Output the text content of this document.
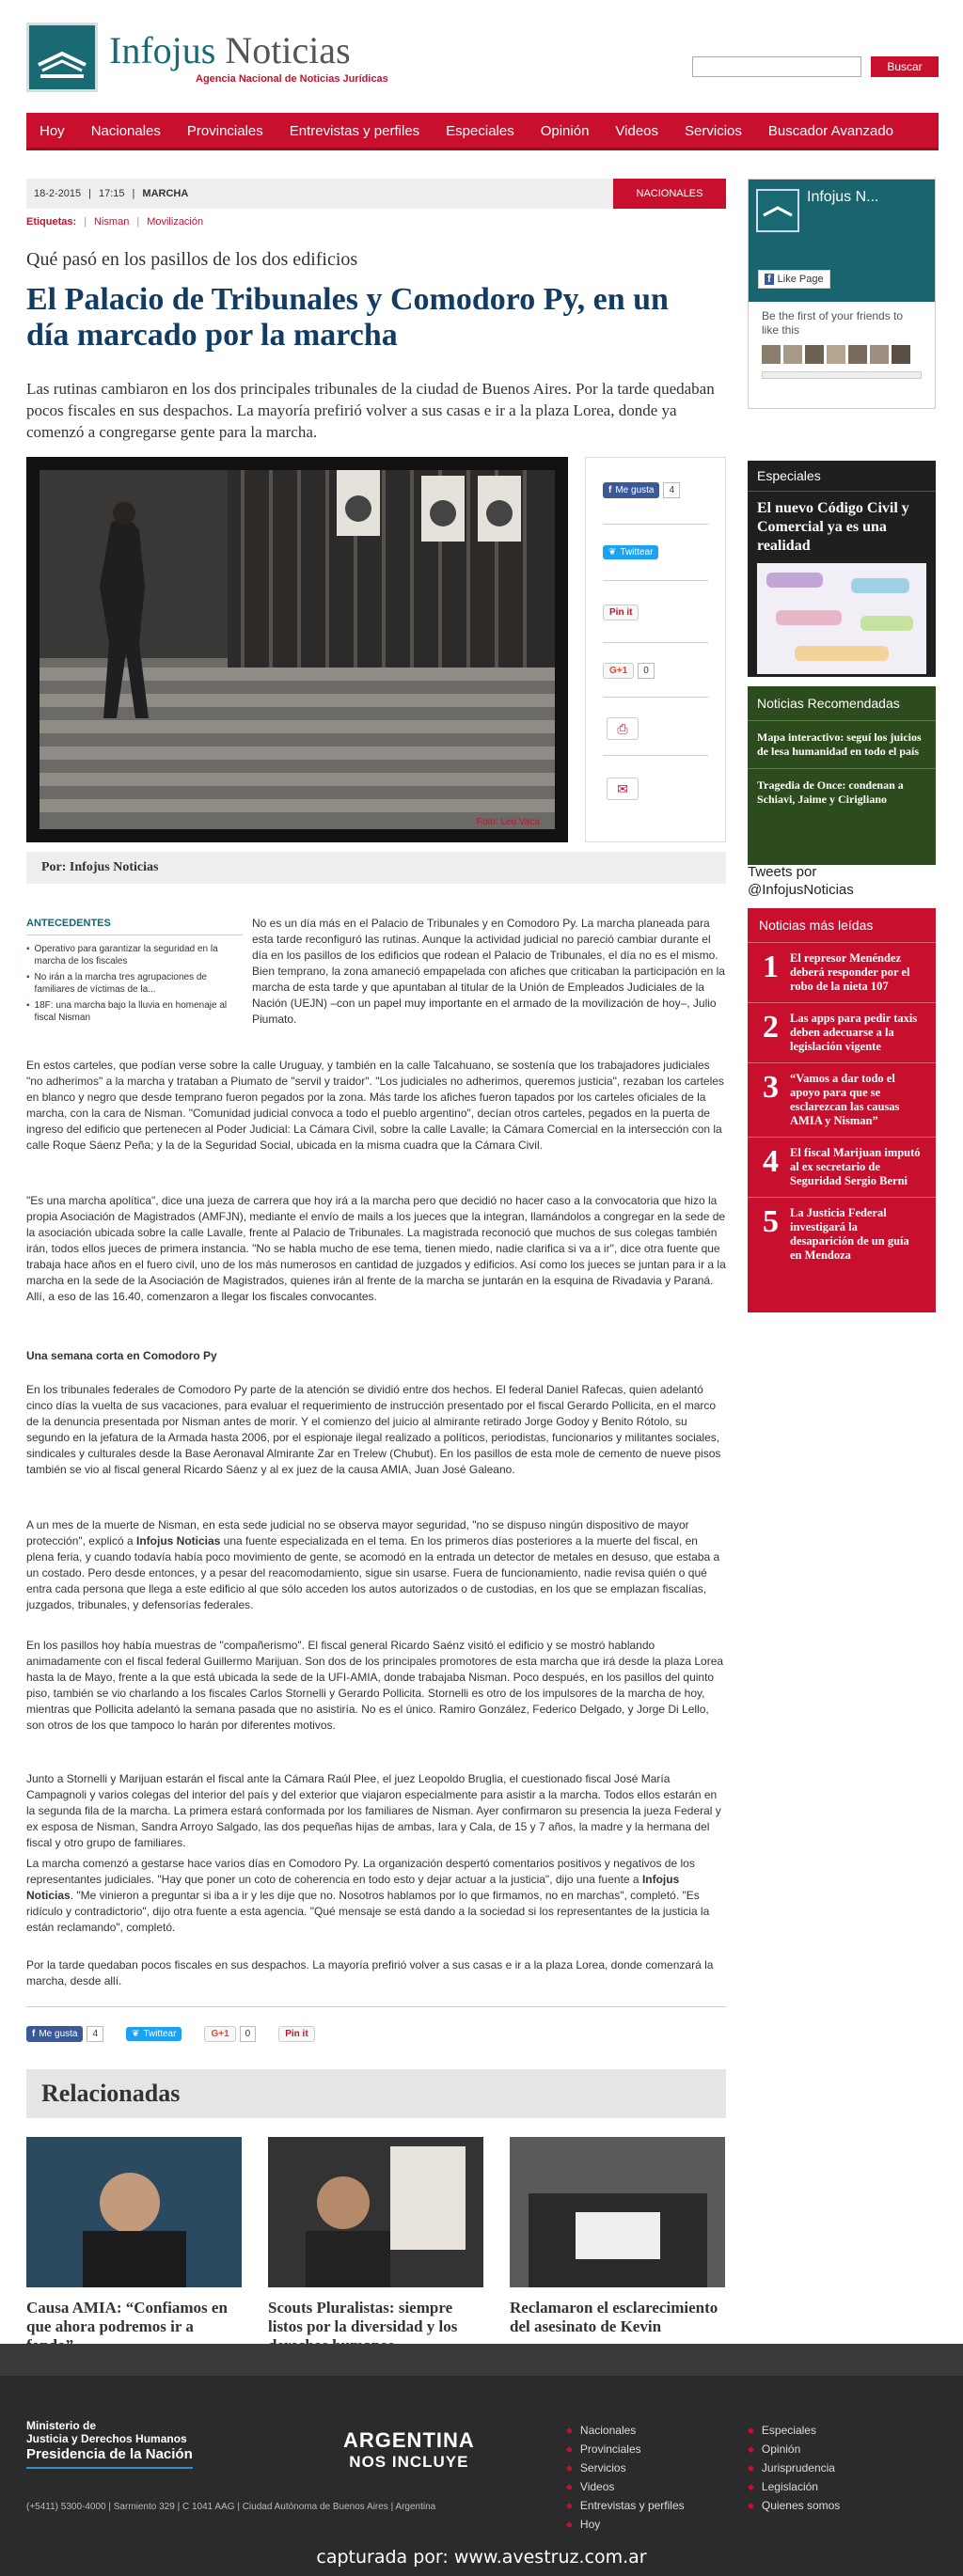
Infojus Noticias
Agencia Nacional de Noticias Jurídicas
Buscar
Hoy	Nacionales	Provinciales	Entrevistas y perfiles	Especiales	Opinión	Videos	Servicios	Buscador Avanzado
18-2-2015 | 17:15 | MARCHA	NACIONALES
Etiquetas: | Nisman | Movilización
Qué pasó en los pasillos de los dos edificios
El Palacio de Tribunales y Comodoro Py, en un día marcado por la marcha

Las rutinas cambiaron en los dos principales tribunales de la ciudad de Buenos Aires. Por la tarde quedaban pocos fiscales en sus despachos. La mayoría prefirió volver a sus casas e ir a la plaza Lorea, donde ya comenzó a congregarse gente para la marcha.

Foto: Leo Vaca
f Me gusta	4
❦ Twittear
Pin it
G+1	0
⎙
✉
Por: Infojus Noticias
ANTECEDENTES
▪ Operativo para garantizar la seguridad en la marcha de los fiscales
▪ No irán a la marcha tres agrupaciones de familiares de víctimas de la...
▪ 18F: una marcha bajo la lluvia en homenaje al fiscal Nisman

No es un día más en el Palacio de Tribunales y en Comodoro Py. La marcha planeada para esta tarde reconfiguró las rutinas. Aunque la actividad judicial no pareció cambiar durante el día en los pasillos de los edificios que rodean el Palacio de Tribunales, el día no es el mismo. Bien temprano, la zona amaneció empapelada con afiches que criticaban la participación en la marcha de esta tarde y que apuntaban al titular de la Unión de Empleados Judiciales de la Nación (UEJN) –con un papel muy importante en el armado de la movilización de hoy–, Julio Piumato.

En estos carteles, que podían verse sobre la calle Uruguay, y también en la calle Talcahuano, se sostenía que los trabajadores judiciales "no adherimos" a la marcha y trataban a Piumato de "servil y traidor". "Los judiciales no adherimos, queremos justicia", rezaban los carteles en blanco y negro que desde temprano fueron pegados por la zona. Más tarde los afiches fueron tapados por los carteles oficiales de la marcha, con la cara de Nisman. "Comunidad judicial convoca a todo el pueblo argentino", decían otros carteles, pegados en la puerta de ingreso del edificio que pertenecen al Poder Judicial: La Cámara Civil, sobre la calle Lavalle; la Cámara Comercial en la intersección con la calle Roque Sáenz Peña; y la de la Seguridad Social, ubicada en la misma cuadra que la Cámara Civil.

"Es una marcha apolítica", dice una jueza de carrera que hoy irá a la marcha pero que decidió no hacer caso a la convocatoria que hizo la propia Asociación de Magistrados (AMFJN), mediante el envío de mails a los jueces que la integran, llamándolos a congregar en la sede de la asociación ubicada sobre la calle Lavalle, frente al Palacio de Tribunales. La magistrada reconoció que muchos de sus colegas también irán, todos ellos jueces de primera instancia. "No se habla mucho de ese tema, tienen miedo, nadie clarifica si va a ir", dice otra fuente que trabaja hace años en el fuero civil, uno de los más numerosos en cantidad de juzgados y edificios. Así como los jueces se juntan para ir a la marcha en la sede de la Asociación de Magistrados, quienes irán al frente de la marcha se juntarán en la esquina de Rivadavia y Paraná. Allí, a eso de las 16.40, comenzaron a llegar los fiscales convocantes.

Una semana corta en Comodoro Py

En los tribunales federales de Comodoro Py parte de la atención se dividió entre dos hechos. El federal Daniel Rafecas, quien adelantó cinco días la vuelta de sus vacaciones, para evaluar el requerimiento de instrucción presentado por el fiscal Gerardo Pollicita, en el marco de la denuncia presentada por Nisman antes de morir. Y el comienzo del juicio al almirante retirado Jorge Godoy y Benito Rótolo, su segundo en la jefatura de la Armada hasta 2006, por el espionaje ilegal realizado a políticos, periodistas, funcionarios y militantes sociales, sindicales y culturales desde la Base Aeronaval Almirante Zar en Trelew (Chubut). En los pasillos de esta mole de cemento de nueve pisos también se vio al fiscal general Ricardo Sáenz y al ex juez de la causa AMIA, Juan José Galeano.

A un mes de la muerte de Nisman, en esta sede judicial no se observa mayor seguridad, "no se dispuso ningún dispositivo de mayor protección", explicó a Infojus Noticias una fuente especializada en el tema. En los primeros días posteriores a la muerte del fiscal, en plena feria, y cuando todavía había poco movimiento de gente, se acomodó en la entrada un detector de metales en desuso, que estaba a un costado. Pero desde entonces, y a pesar del reacomodamiento, sigue sin usarse. Fuera de funcionamiento, nadie revisa quién o qué entra cada persona que llega a este edificio al que sólo acceden los autos autorizados o de custodias, en los que se emplazan fiscalías, juzgados, tribunales, y defensorías federales.

En los pasillos hoy había muestras de "compañerismo". El fiscal general Ricardo Saénz visitó el edificio y se mostró hablando animadamente con el fiscal federal Guillermo Marijuan. Son dos de los principales promotores de esta marcha que irá desde la plaza Lorea hasta la de Mayo, frente a la que está ubicada la sede de la UFI-AMIA, donde trabajaba Nisman. Poco después, en los pasillos del quinto piso, también se vio charlando a los fiscales Carlos Stornelli y Gerardo Pollicita. Stornelli es otro de los impulsores de la marcha de hoy, mientras que Pollicita adelantó la semana pasada que no asistiría. No es el único. Ramiro González, Federico Delgado, y Jorge Di Lello, son otros de los que tampoco lo harán por diferentes motivos.

Junto a Stornelli y Marijuan estarán el fiscal ante la Cámara Raúl Plee, el juez Leopoldo Bruglia, el cuestionado fiscal José María Campagnoli y varios colegas del interior del país y del exterior que viajaron especialmente para asistir a la marcha. Todos ellos estarán en la segunda fila de la marcha. La primera estará conformada por los familiares de Nisman. Ayer confirmaron su presencia la jueza Federal y ex esposa de Nisman, Sandra Arroyo Salgado, las dos pequeñas hijas de ambas, Iara y Cala, de 15 y 7 años, la madre y la hermana del fiscal y otro grupo de familiares.

La marcha comenzó a gestarse hace varios días en Comodoro Py. La organización despertó comentarios positivos y negativos de los representantes judiciales. "Hay que poner un coto de coherencia en todo esto y dejar actuar a la justicia", dijo una fuente a Infojus Noticias. "Me vinieron a preguntar si iba a ir y les dije que no. Nosotros hablamos por lo que firmamos, no en marchas", completó. "Es ridículo y contradictorio", dijo otra fuente a esta agencia. "Qué mensaje se está dando a la sociedad si los representantes de la justicia la están reclamando", completó.

Por la tarde quedaban pocos fiscales en sus despachos. La mayoría prefirió volver a sus casas e ir a la plaza Lorea, donde comenzará la marcha, desde allí.

f Me gusta	4	❦ Twittear	G+1	0	Pin it
Relacionadas
Causa AMIA: “Confiamos en que ahora podremos ir a
Scouts Pluralistas: siempre listos por la diversidad y los
Reclamaron el esclarecimiento del asesinato de Kevin
Infojus N...
f Like Page
Be the first of your friends to like this
Especiales
El nuevo Código Civil y Comercial ya es una realidad
Noticias Recomendadas
Mapa interactivo: seguí los juicios de lesa humanidad en todo el país
Tragedia de Once: condenan a Schiavi, Jaime y Cirigliano
Tweets por @InfojusNoticias
Noticias más leídas
1 El represor Menéndez deberá responder por el robo de la nieta 107
2 Las apps para pedir taxis deben adecuarse a la legislación vigente
3 “Vamos a dar todo el apoyo para que se esclarezcan las causas AMIA y Nisman”
4 El fiscal Marijuan imputó al ex secretario de Seguridad Sergio Berni
5 La Justicia Federal investigará la desaparición de un guía en Mendoza
Ministerio de
Justicia y Derechos Humanos
Presidencia de la Nación
ARGENTINA
NOS INCLUYE
(+5411) 5300-4000 | Sarmiento 329 | C 1041 AAG | Ciudad Autónoma de Buenos Aires | Argentina
◆ Nacionales
◆ Provinciales
◆ Servicios
◆ Videos
◆ Entrevistas y perfiles
◆ Hoy
◆ Especiales
◆ Opinión
◆ Jurisprudencia
◆ Legislación
◆ Quienes somos
capturada por: www.avestruz.com.ar
